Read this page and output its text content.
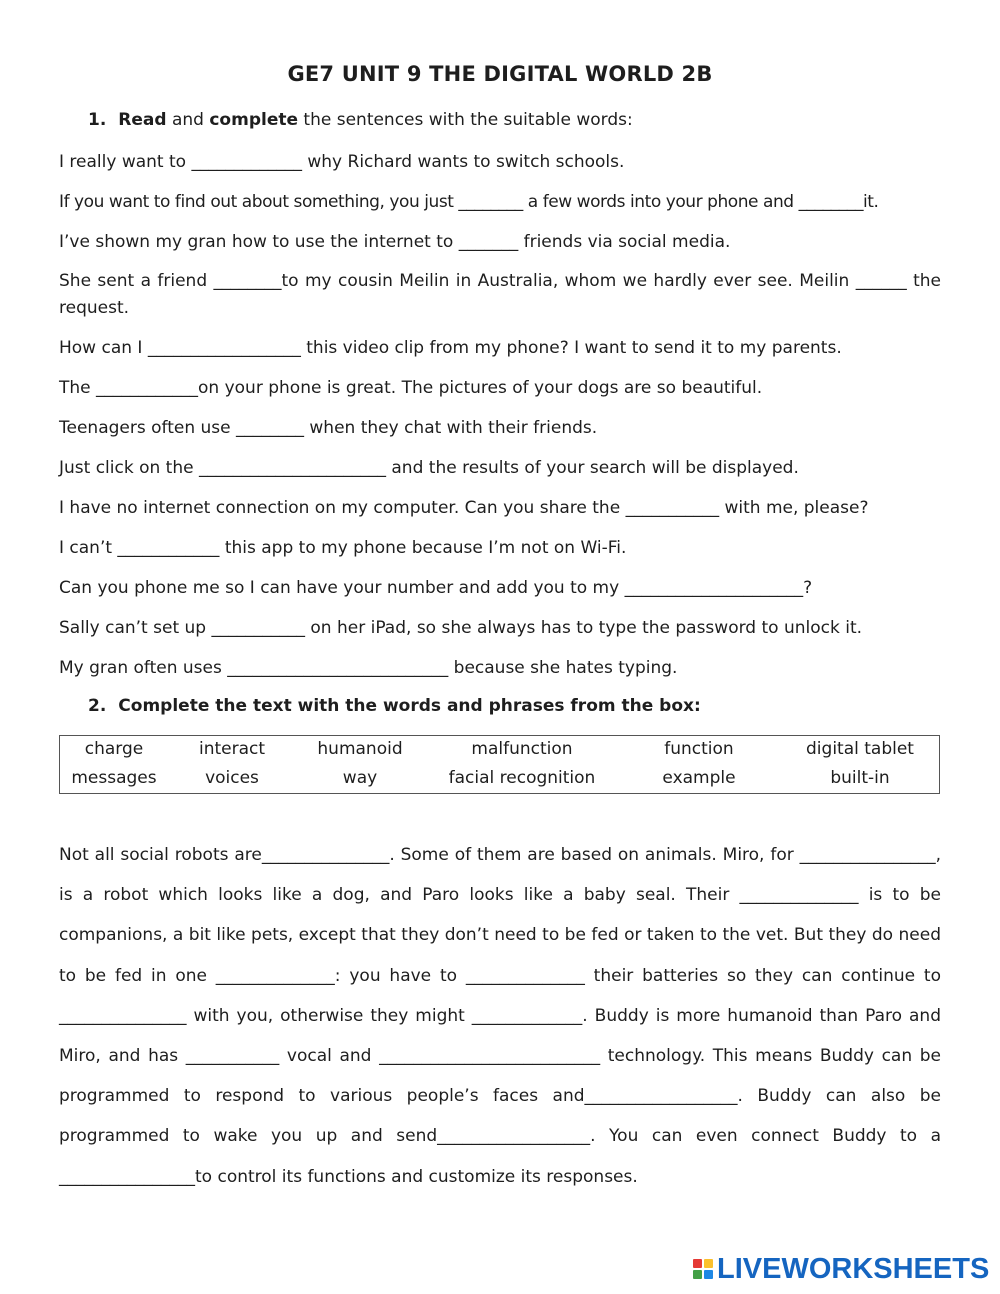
GE7 UNIT 9 THE DIGITAL WORLD 2B
1. Read and complete the sentences with the suitable words:
I really want to _____________ why Richard wants to switch schools.
If you want to find out about something, you just ________ a few words into your phone and ________it.
I’ve shown my gran how to use the internet to _______ friends via social media.
She sent a friend ________to my cousin Meilin in Australia, whom we hardly ever see. Meilin ______ the request.
How can I __________________ this video clip from my phone? I want to send it to my parents.
The ____________on your phone is great. The pictures of your dogs are so beautiful.
Teenagers often use ________ when they chat with their friends.
Just click on the ______________________ and the results of your search will be displayed.
I have no internet connection on my computer. Can you share the ___________ with me, please?
I can’t ____________ this app to my phone because I’m not on Wi-Fi.
Can you phone me so I can have your number and add you to my _____________________?
Sally can’t set up ___________ on her iPad, so she always has to type the password to unlock it.
My gran often uses __________________________ because she hates typing.
2. Complete the text with the words and phrases from the box:
charge	interact	humanoid	malfunction	function	digital tablet
messages	voices	way	facial recognition	example	built-in
Not all social robots are_______________. Some of them are based on animals. Miro, for ________________, is a robot which looks like a dog, and Paro looks like a baby seal. Their ______________ is to be companions, a bit like pets, except that they don’t need to be fed or taken to the vet. But they do need to be fed in one ______________: you have to ______________ their batteries so they can continue to _______________ with you, otherwise they might _____________. Buddy is more humanoid than Paro and Miro, and has ___________ vocal and __________________________ technology. This means Buddy can be programmed to respond to various people’s faces and__________________. Buddy can also be programmed to wake you up and send__________________. You can even connect Buddy to a ________________to control its functions and customize its responses.
LIVEWORKSHEETS
